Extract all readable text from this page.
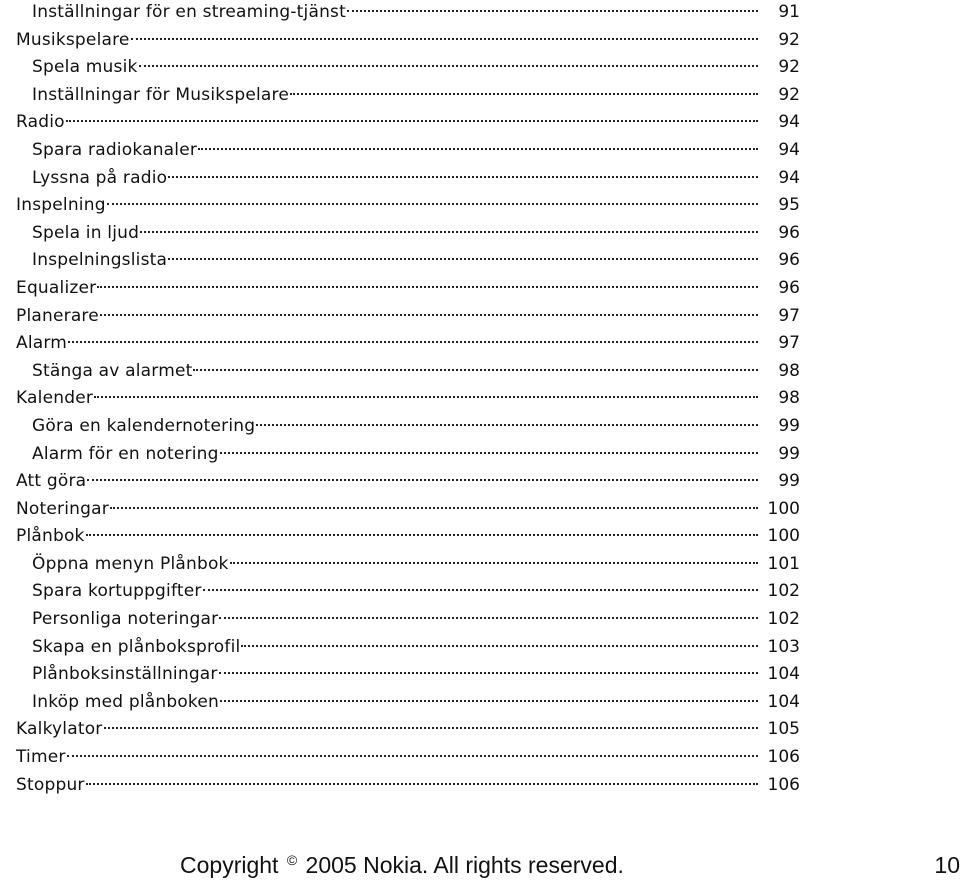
Inställningar för en streaming-tjänst	91
Musikspelare	92
Spela musik	92
Inställningar för Musikspelare	92
Radio	94
Spara radiokanaler	94
Lyssna på radio	94
Inspelning	95
Spela in ljud	96
Inspelningslista	96
Equalizer	96
Planerare	97
Alarm	97
Stänga av alarmet	98
Kalender	98
Göra en kalendernotering	99
Alarm för en notering	99
Att göra	99
Noteringar	100
Plånbok	100
Öppna menyn Plånbok	101
Spara kortuppgifter	102
Personliga noteringar	102
Skapa en plånboksprofil	103
Plånboksinställningar	104
Inköp med plånboken	104
Kalkylator	105
Timer	106
Stoppur	106
Copyright © 2005 Nokia. All rights reserved.	10
